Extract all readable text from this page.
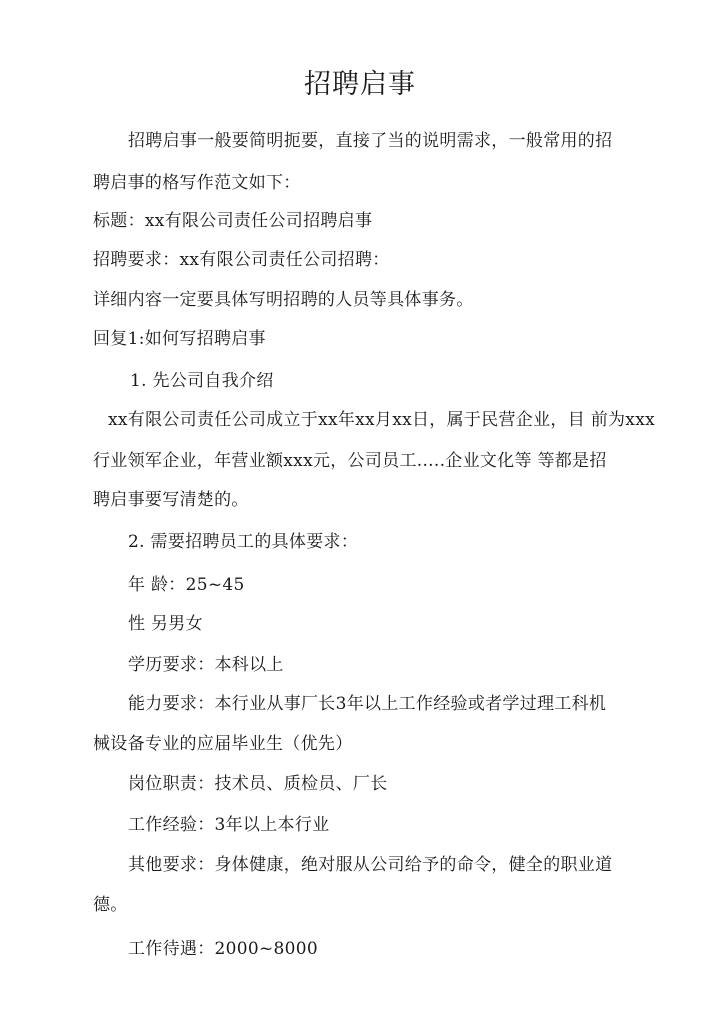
招聘启事
招聘启事一般要简明扼要，直接了当的说明需求，一般常用的招
聘启事的格写作范文如下：
标题：xx有限公司责任公司招聘启事
招聘要求：xx有限公司责任公司招聘：
详细内容一定要具体写明招聘的人员等具体事务。
回复1:如何写招聘启事
1. 先公司自我介绍
xx有限公司责任公司成立于xx年xx月xx日，属于民营企业，目 前为xxx
行业领军企业，年营业额xxx元，公司员工.....企业文化等 等都是招
聘启事要写清楚的。
2. 需要招聘员工的具体要求：
年 龄：25~45
性 另男女
学历要求：本科以上
能力要求：本行业从事厂长3年以上工作经验或者学过理工科机
械设备专业的应届毕业生（优先）
岗位职责：技术员、质检员、厂长
工作经验：3年以上本行业
其他要求：身体健康，绝对服从公司给予的命令，健全的职业道
德。
工作待遇：2000~8000
